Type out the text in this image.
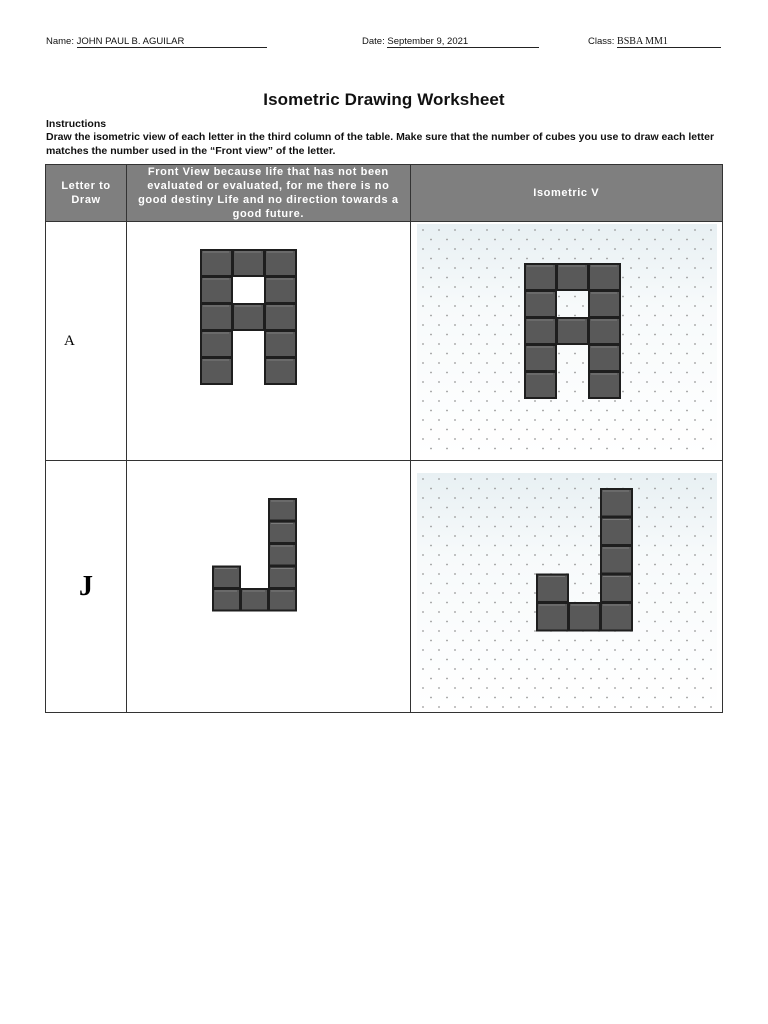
Name: JOHN PAUL B. AGUILAR	Date: September 9, 2021	Class: BSBA MM1
Isometric Drawing Worksheet
Instructions
Draw the isometric view of each letter in the third column of the table. Make sure that the number of cubes you use to draw each letter matches the number used in the “Front view” of the letter.
Letter to Draw	Front View because life that has not been evaluated or evaluated, for me there is no good destiny Life and no direction towards a good future.	Isometric V
A	

J	
